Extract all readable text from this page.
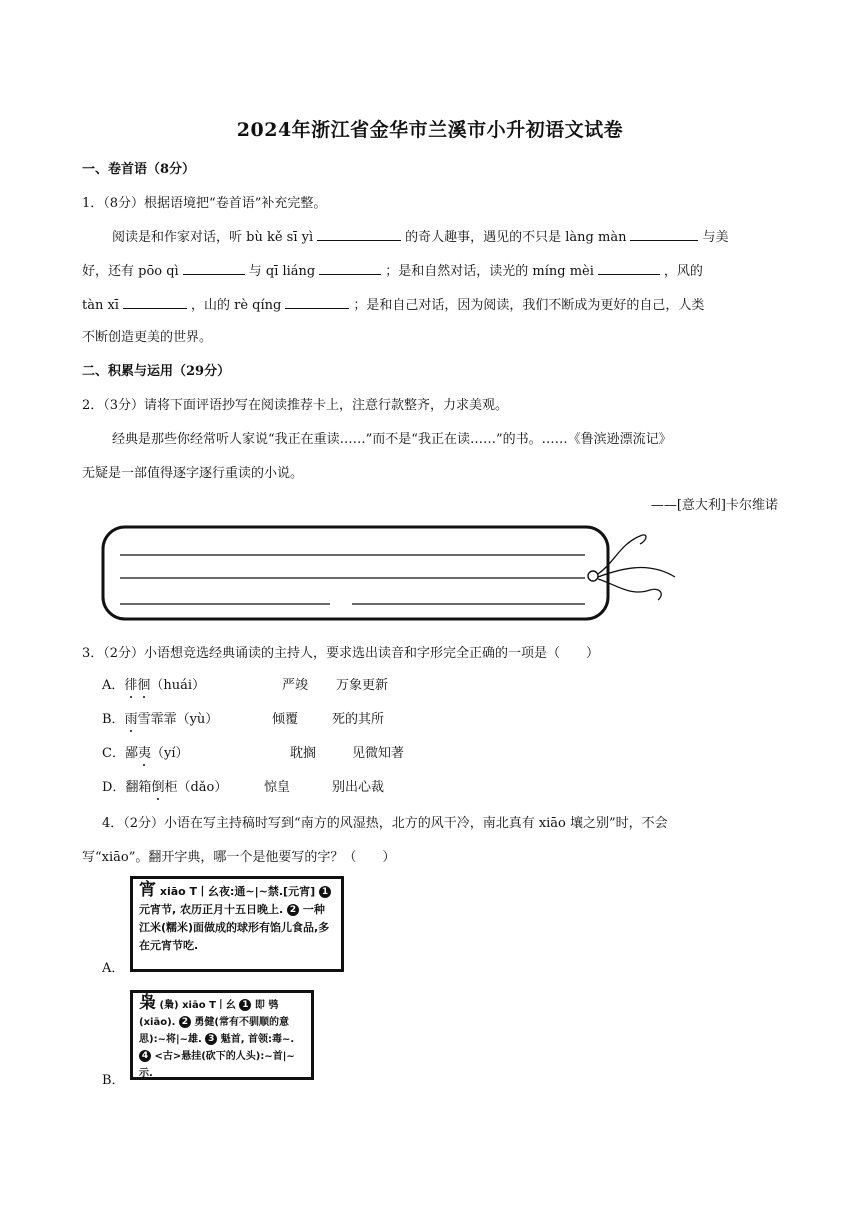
2024年浙江省金华市兰溪市小升初语文试卷
一、卷首语（8分）
1．（8分）根据语境把“卷首语”补充完整。
阅读是和作家对话，听 bù kě sī yì	的奇人趣事，遇见的不只是 làng màn	与美
好，还有 pōo qì	与 qī liáng	；是和自然对话，读光的 míng mèi	，风的
tàn xī	，山的 rè qíng	；是和自己对话，因为阅读，我们不断成为更好的自己，人类
不断创造更美的世界。
二、积累与运用（29分）
2．（3分）请将下面评语抄写在阅读推荐卡上，注意行款整齐，力求美观。
经典是那些你经常听人家说“我正在重读……”而不是“我正在读……”的书。……《鲁滨逊漂流记》
无疑是一部值得逐字逐行重读的小说。
——[意大利]卡尔维诺
3．（2分）小语想竞选经典诵读的主持人，要求选出读音和字形完全正确的一项是（　　）
A．徘徊（huái）	严竣 万象更新
B．雨雪霏霏（yù）	倾覆	死的其所
C．鄙夷（yí）	耽搁	见微知著
D．翻箱倒柜（dǎo）	惊皇	别出心裁
4．（2分）小语在写主持稿时写到“南方的风湿热，北方的风干冷，南北真有 xiāo 壤之别”时，不会
写“xiāo”。翻开字典，哪一个是他要写的字？（　　）
A．
宵 xiāo T丨幺夜:通~|~禁.[元宵] 1 元宵节, 农历正月十五日晚上. 2 一种江米(糯米)面做成的球形有馅儿食品,多在元宵节吃.
B．
枭 (梟) xiāo T丨幺 1 即 鸮(xiāo). 2 勇健(常有不驯顺的意思):~将|~雄. 3 魁首, 首领:毒~. 4 <古>悬挂(砍下的人头):~首|~示.
